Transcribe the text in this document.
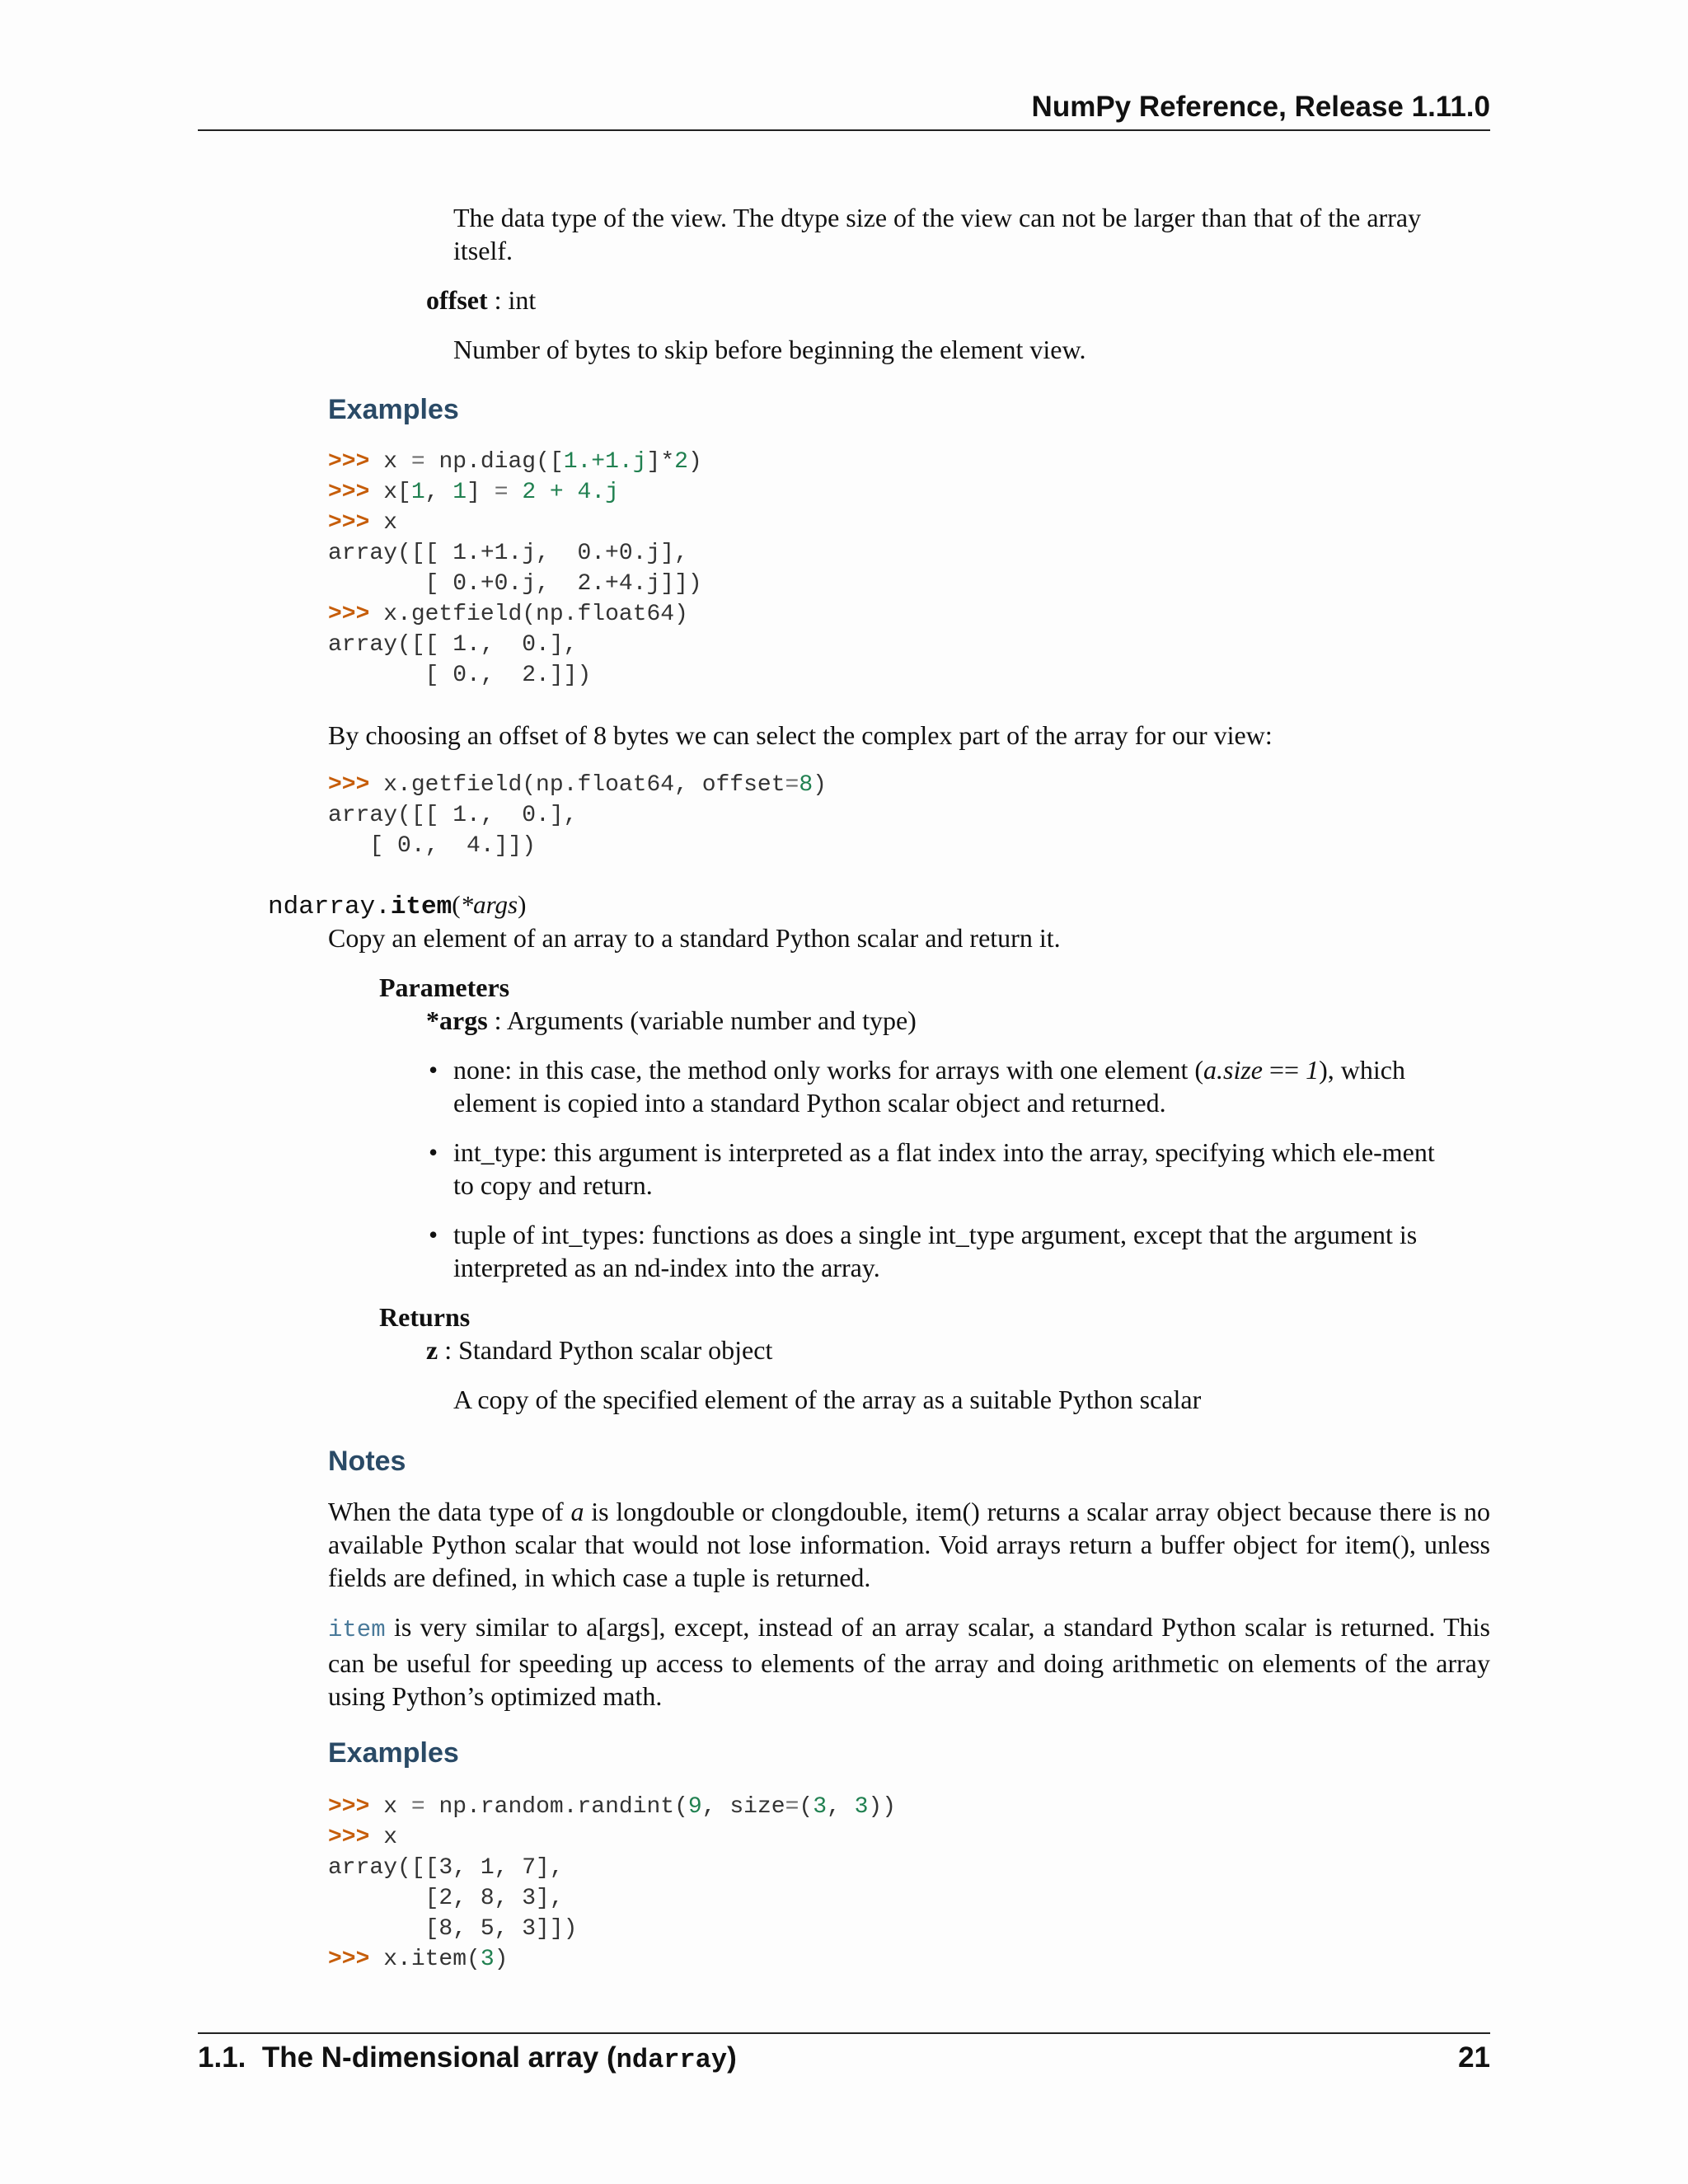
NumPy Reference, Release 1.11.0
The data type of the view. The dtype size of the view can not be larger than that of the array itself.
offset : int
Number of bytes to skip before beginning the element view.
Examples
>>> x = np.diag([1.+1.j]*2)
>>> x[1, 1] = 2 + 4.j
>>> x
array([[ 1.+1.j,  0.+0.j],
[ 0.+0.j,  2.+4.j]])
>>> x.getfield(np.float64)
array([[ 1.,  0.],
[ 0.,  2.]])
By choosing an offset of 8 bytes we can select the complex part of the array for our view:
>>> x.getfield(np.float64, offset=8)
array([[ 1.,  0.],
[ 0.,  4.]])
ndarray.item(*args)
Copy an element of an array to a standard Python scalar and return it.
Parameters
*args : Arguments (variable number and type)
• none: in this case, the method only works for arrays with one element (a.size == 1), which element is copied into a standard Python scalar object and returned.
• int_type: this argument is interpreted as a flat index into the array, specifying which ele-ment to copy and return.
• tuple of int_types: functions as does a single int_type argument, except that the argument is interpreted as an nd-index into the array.
Returns
z : Standard Python scalar object
A copy of the specified element of the array as a suitable Python scalar
Notes
When the data type of a is longdouble or clongdouble, item() returns a scalar array object because there is no available Python scalar that would not lose information. Void arrays return a buffer object for item(), unless fields are defined, in which case a tuple is returned.
item is very similar to a[args], except, instead of an array scalar, a standard Python scalar is returned. This can be useful for speeding up access to elements of the array and doing arithmetic on elements of the array using Python’s optimized math.
Examples
>>> x = np.random.randint(9, size=(3, 3))
>>> x
array([[3, 1, 7],
[2, 8, 3],
[8, 5, 3]])
>>> x.item(3)
1.1.  The N-dimensional array (ndarray)	21
